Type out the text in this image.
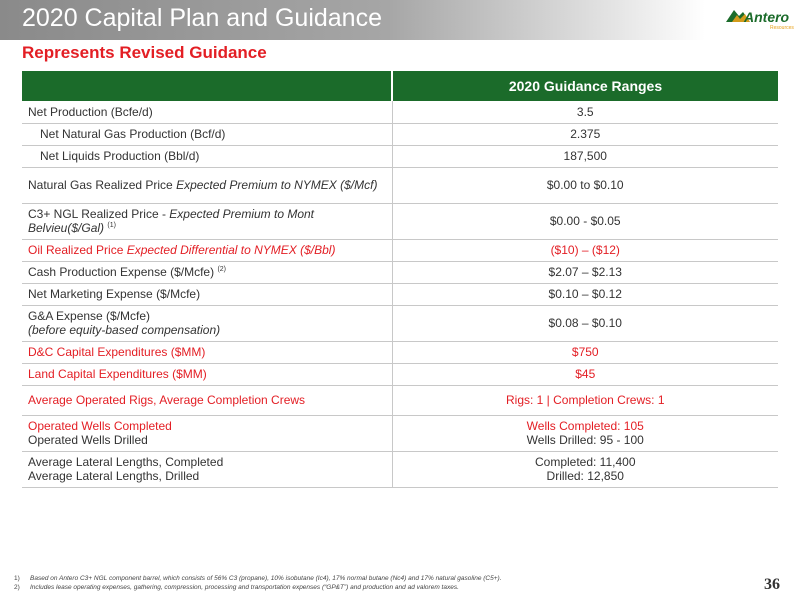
2020 Capital Plan and Guidance	Antero
Resources
Represents Revised Guidance
	2020 Guidance Ranges
Net Production (Bcfe/d)	3.5
Net Natural Gas Production (Bcf/d)	2.375
Net Liquids Production (Bbl/d)	187,500
Natural Gas Realized Price Expected Premium to NYMEX ($/Mcf)	$0.00 to $0.10
C3+ NGL Realized Price - Expected Premium to Mont Belvieu($/Gal) $^{(1)}$	$0.00 - $0.05
Oil Realized Price Expected Differential to NYMEX ($/Bbl)	($10) – ($12)
Cash Production Expense ($/Mcfe) $^{(2)}$	$2.07 – $2.13
Net Marketing Expense ($/Mcfe)	$0.10 – $0.12
G&A Expense ($/Mcfe)
(before equity-based compensation)	$0.08 – $0.10
D&C Capital Expenditures ($MM)	$750
Land Capital Expenditures ($MM)	$45
Average Operated Rigs, Average Completion Crews	Rigs: 1 | Completion Crews: 1
Operated Wells Completed
Operated Wells Drilled	Wells Completed: 105
Wells Drilled: 95 - 100
Average Lateral Lengths, Completed
Average Lateral Lengths, Drilled	Completed: 11,400
Drilled: 12,850
1)	Based on Antero C3+ NGL component barrel, which consists of 56% C3 (propane), 10% isobutane (Ic4), 17% normal butane (Nc4) and 17% natural gasoline (C5+).
2)	Includes lease operating expenses, gathering, compression, processing and transportation expenses (“GP&T”) and production and ad valorem taxes.	36
